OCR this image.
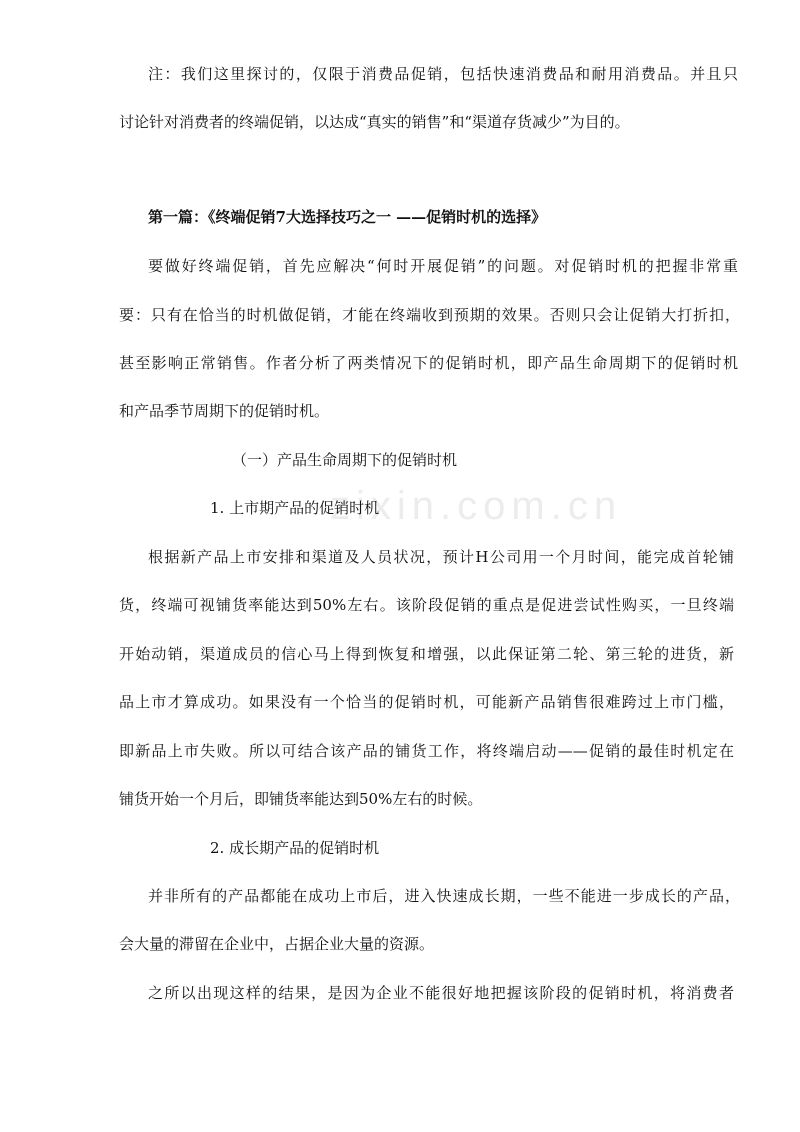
zixin.com.cn
注：我们这里探讨的，仅限于消费品促销，包括快速消费品和耐用消费品。并且只
讨论针对消费者的终端促销，以达成“真实的销售”和“渠道存货减少”为目的。
第一篇：《终端促销7大选择技巧之一 ——促销时机的选择》
要做好终端促销，首先应解决“何时开展促销”的问题。对促销时机的把握非常重
要：只有在恰当的时机做促销，才能在终端收到预期的效果。否则只会让促销大打折扣，
甚至影响正常销售。作者分析了两类情况下的促销时机，即产品生命周期下的促销时机
和产品季节周期下的促销时机。
（一）产品生命周期下的促销时机
1. 上市期产品的促销时机
根据新产品上市安排和渠道及人员状况，预计H公司用一个月时间，能完成首轮铺
货，终端可视铺货率能达到50%左右。该阶段促销的重点是促进尝试性购买，一旦终端
开始动销，渠道成员的信心马上得到恢复和增强，以此保证第二轮、第三轮的进货，新
品上市才算成功。如果没有一个恰当的促销时机，可能新产品销售很难跨过上市门槛，
即新品上市失败。所以可结合该产品的铺货工作，将终端启动——促销的最佳时机定在
铺货开始一个月后，即铺货率能达到50%左右的时候。
2. 成长期产品的促销时机
并非所有的产品都能在成功上市后，进入快速成长期，一些不能进一步成长的产品，
会大量的滞留在企业中，占据企业大量的资源。
之所以出现这样的结果，是因为企业不能很好地把握该阶段的促销时机，将消费者
